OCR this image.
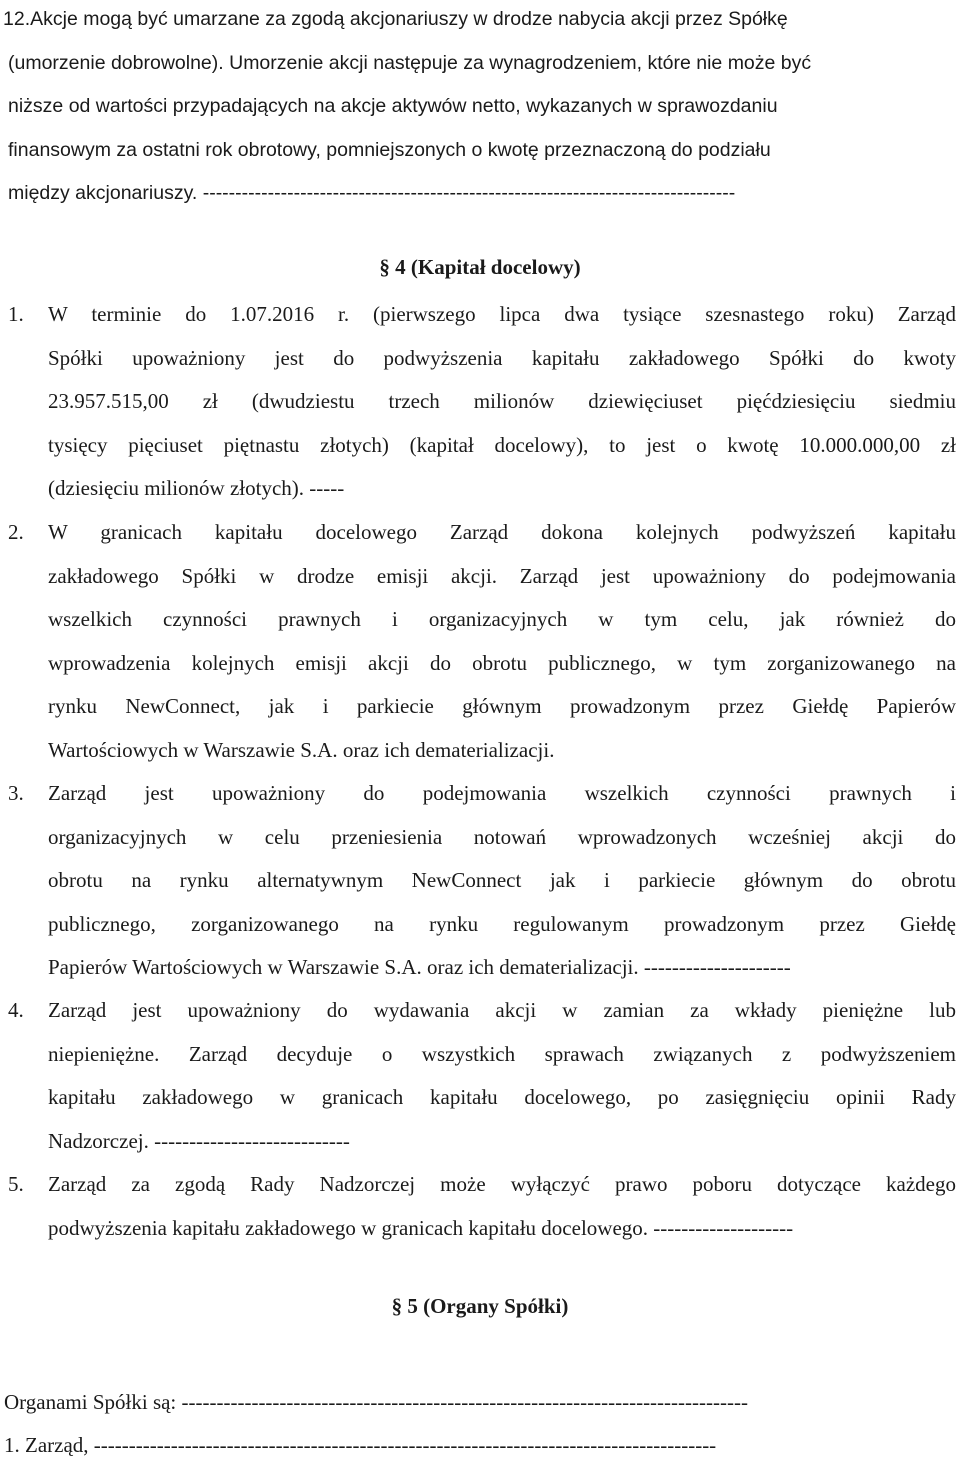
12.Akcje mogą być umarzane za zgodą akcjonariuszy w drodze nabycia akcji przez Spółkę
(umorzenie dobrowolne). Umorzenie akcji następuje za wynagrodzeniem, które nie może być
niższe od wartości przypadających na akcje aktywów netto, wykazanych w sprawozdaniu
finansowym za ostatni rok obrotowy, pomniejszonych o kwotę przeznaczoną do podziału
między akcjonariuszy. ----------------------------------------------------------------------------------
§ 4 (Kapitał docelowy)
1. W terminie do 1.07.2016 r. (pierwszego lipca dwa tysiące szesnastego roku) Zarząd
Spółki upoważniony jest do podwyższenia kapitału zakładowego Spółki do kwoty
23.957.515,00 zł (dwudziestu trzech milionów dziewięciuset pięćdziesięciu siedmiu
tysięcy pięciuset piętnastu złotych) (kapitał docelowy), to jest o kwotę 10.000.000,00 zł
(dziesięciu milionów złotych). -----
2. W granicach kapitału docelowego Zarząd dokona kolejnych podwyższeń kapitału
zakładowego Spółki w drodze emisji akcji. Zarząd jest upoważniony do podejmowania
wszelkich czynności prawnych i organizacyjnych w tym celu, jak również do
wprowadzenia kolejnych emisji akcji do obrotu publicznego, w tym zorganizowanego na
rynku NewConnect, jak i parkiecie głównym prowadzonym przez Giełdę Papierów
Wartościowych w Warszawie S.A. oraz ich dematerializacji.
3. Zarząd jest upoważniony do podejmowania wszelkich czynności prawnych i
organizacyjnych w celu przeniesienia notowań wprowadzonych wcześniej akcji do
obrotu na rynku alternatywnym NewConnect jak i parkiecie głównym do obrotu
publicznego, zorganizowanego na rynku regulowanym prowadzonym przez Giełdę
Papierów Wartościowych w Warszawie S.A. oraz ich dematerializacji. ---------------------
4. Zarząd jest upoważniony do wydawania akcji w zamian za wkłady pieniężne lub
niepieniężne. Zarząd decyduje o wszystkich sprawach związanych z podwyższeniem
kapitału zakładowego w granicach kapitału docelowego, po zasięgnięciu opinii Rady
Nadzorczej. ----------------------------
5. Zarząd za zgodą Rady Nadzorczej może wyłączyć prawo poboru dotyczące każdego
podwyższenia kapitału zakładowego w granicach kapitału docelowego. --------------------
§ 5 (Organy Spółki)
Organami Spółki są: ---------------------------------------------------------------------------------
1. Zarząd, -----------------------------------------------------------------------------------------
